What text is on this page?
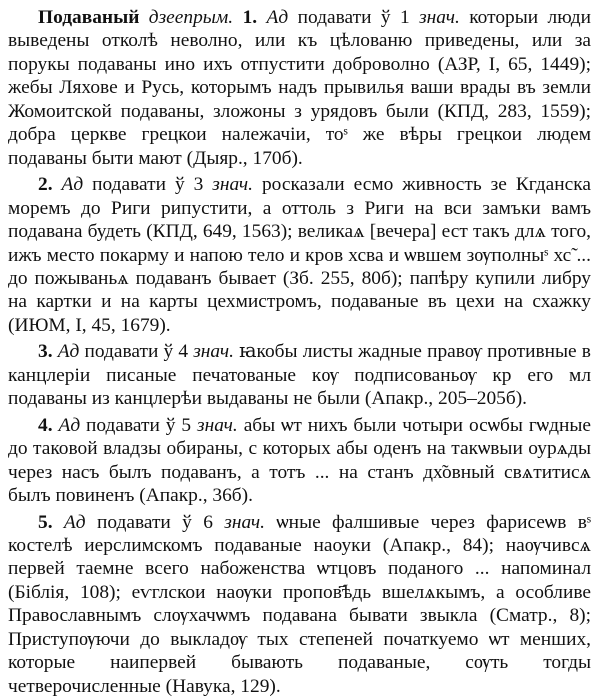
Подаваный дзеепрым. 1. Ад подавати ў 1 знач. которыи люди выведены отколѣ неволно, или къ цѣлованю приведены, или за порукы подаваны ино ихъ отпустити доброволно (АЗР, I, 65, 1449); жебы Ляхове и Русь, которымъ надъ прывилья ваши врады въ земли Жомоитской подаваны, зложоны з урядовъ были (КПД, 283, 1559); добра церкве грецкои належачіи, тоˢ же вѣры грецкои людем подаваны быти мают (Дыяр., 170б).

2. Ад подавати ў 3 знач. росказали есмо живность зе Кгданска моремъ до Риги рипустити, а оттоль з Риги на вси замъки вамъ подавана будеть (КПД, 649, 1563); великаѧ [вечера] ест такъ длѧ того, ижъ место покарму и напою тело и кров хсва и ѡвшем зѹполныˢ хс̃ ... до пожываньѧ подаванъ бывает (Зб. 255, 80б); папѣру купили либру на картки и на карты цехмистромъ, подаваные въ цехи на схажку (ИЮМ, I, 45, 1679).

3. Ад подавати ў 4 знач. ꙗкобы листы жадные правѹ противные в канцлеріи писаные печатованые кѹ подписованьѹ кр его мл подаваны из канцлерѣи выдаваны не были (Апакр., 205–205б).

4. Ад подавати ў 5 знач. абы ѡт нихъ были чотыри осѡбы гѡдные до таковой владзы обираны, с которых абы оденъ на такѡвыи оурѧды черeз насъ былъ подаванъ, а тотъ ... на станъ дх̃овный свѧтитисѧ былъ повиненъ (Апакр., 36б).

5. Ад подавати ў 6 знач. ѡные фалшивые черeз фарисеѡв вˢ костелѣ иерслимскомъ подаваные наоуки (Апакр., 84); наѹчивсѧ первей таемне всего набоженства ѡтцовъ поданого ... напоминал (Біблія, 108); еѵглскои наѹки пропов҃ѣдь вшелѧкымъ, а особливе Православнымъ слѹхачѡмъ подавана бывати звыкла (Сматр., 8); Приступѹючи до выкладѹ тых степеней початкуемо ѡт менших, которые наипервей бывають подаваные, сѹть тогды четверочисленные (Навука, 129).
